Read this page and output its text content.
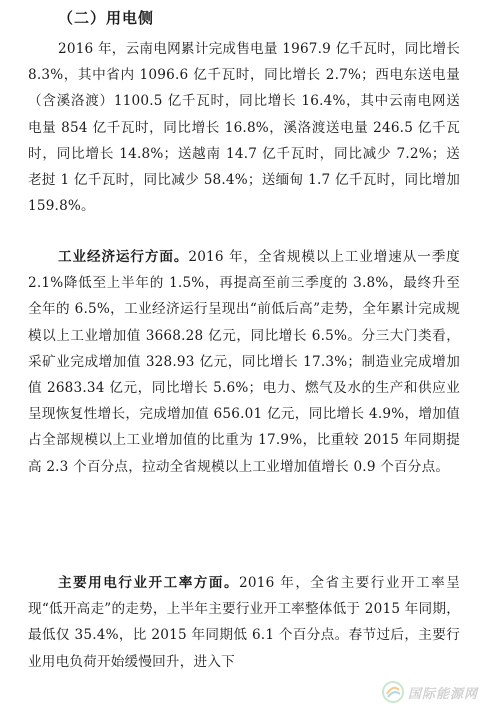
（二）用电侧

2016 年，云南电网累计完成售电量 1967.9 亿千瓦时，同比增长 8.3%，其中省内 1096.6 亿千瓦时，同比增长 2.7%；西电东送电量（含溪洛渡）1100.5 亿千瓦时，同比增长 16.4%，其中云南电网送电量 854 亿千瓦时，同比增长 16.8%，溪洛渡送电量 246.5 亿千瓦时，同比增长 14.8%；送越南 14.7 亿千瓦时，同比减少 7.2%；送老挝 1 亿千瓦时，同比减少 58.4%；送缅甸 1.7 亿千瓦时，同比增加 159.8%。

工业经济运行方面。2016 年，全省规模以上工业增速从一季度 2.1%降低至上半年的 1.5%，再提高至前三季度的 3.8%，最终升至全年的 6.5%，工业经济运行呈现出“前低后高”走势，全年累计完成规模以上工业增加值 3668.28 亿元，同比增长 6.5%。分三大门类看，采矿业完成增加值 328.93 亿元，同比增长 17.3%；制造业完成增加值 2683.34 亿元，同比增长 5.6%；电力、燃气及水的生产和供应业呈现恢复性增长，完成增加值 656.01 亿元，同比增长 4.9%，增加值占全部规模以上工业增加值的比重为 17.9%，比重较 2015 年同期提高 2.3 个百分点，拉动全省规模以上工业增加值增长 0.9 个百分点。

主要用电行业开工率方面。2016 年，全省主要行业开工率呈现“低开高走”的走势，上半年主要行业开工率整体低于 2015 年同期，最低仅 35.4%，比 2015 年同期低 6.1 个百分点。春节过后，主要行业用电负荷开始缓慢回升，进入下

国际能源网
